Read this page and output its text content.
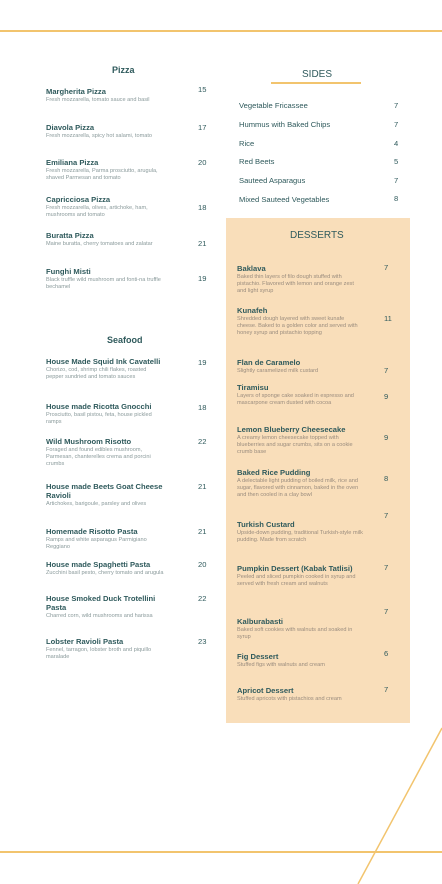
Pizza
Margherita Pizza
Fresh mozzarella, tomato sauce and basil
15
Diavola Pizza
Fresh mozzarella, spicy hot salami, tomato
17
Emiliana Pizza
Fresh mozzarella, Parma prosciutto, arugula, shaved Parmesan and tomato
20
Capricciosa Pizza
Fresh mozzarella, olives, artichoke, ham, mushrooms and tomato
18
Buratta Pizza
Maine buratta, cherry tomatoes and zalatar	21
Funghi Misti
Black truffle wild mushroom and fonti-na truffle bechamel
19
Seafood
House Made Squid Ink Cavatelli
Chorizo, cod, shrimp chili flakes, roasted pepper sundried and tomato sauces
19
House made Ricotta Gnocchi
Prosciutto, basil pistou, feta, house pickled ramps
18
Wild Mushroom Risotto
Foraged and found edibles mushroom, Parmesan, chanterelles crema and porcini crumbs
22
House made Beets Goat Cheese Ravioli
Artichokes, barigoule, parsley and olives
21
Homemade Risotto Pasta
Ramps and white asparagus Parmigiano Reggiano
21
House made Spaghetti Pasta
Zucchini basil pesto, cherry tomato and arugula
20
House Smoked Duck Trotellini Pasta
Charred corn, wild mushrooms and harissa
22
Lobster Ravioli Pasta
Fennel, tarragon, lobster broth and piquillo maralade
23
SIDES
Vegetable Fricassee	7
Hummus with Baked Chips	7
Rice	4
Red Beets	5
Sauteed Asparagus	7
Mixed Sauteed Vegetables	8
DESSERTS
Baklava
Baked thin layers of filo dough stuffed with pistachio. Flavored with lemon and orange zest and light syrup
7
Kunafeh
Shredded dough layered with sweet kunafe cheese. Baked to a golden color and served with honey syrup and pistachio topping
11
Flan de Caramelo
Slightly caramelized milk custard	7
Tiramisu
Layers of sponge cake soaked in espresso and mascarpone cream dusted with cocoa
9
Lemon Blueberry Cheesecake
A creamy lemon cheesecake topped with blueberries and sugar crumbs, sits on a cookie crumb base
9
Baked Rice Pudding
A delectable light pudding of boiled milk, rice and sugar, flavored with cinnamon, baked in the oven and then cooled in a clay bowl
8
Turkish Custard
Upside-down pudding, traditional Turkish-style milk pudding. Made from scratch
7
Pumpkin Dessert (Kabak Tatlisi)
Peeled and sliced pumpkin cooked in syrup and served with fresh cream and walnuts
7
Kalburabasti
Baked soft cookies with walnuts and soaked in syrup
7
Fig Dessert
Stuffed figs with walnuts and cream
6
Apricot Dessert
Stuffed apricots with pistachios and cream
7
